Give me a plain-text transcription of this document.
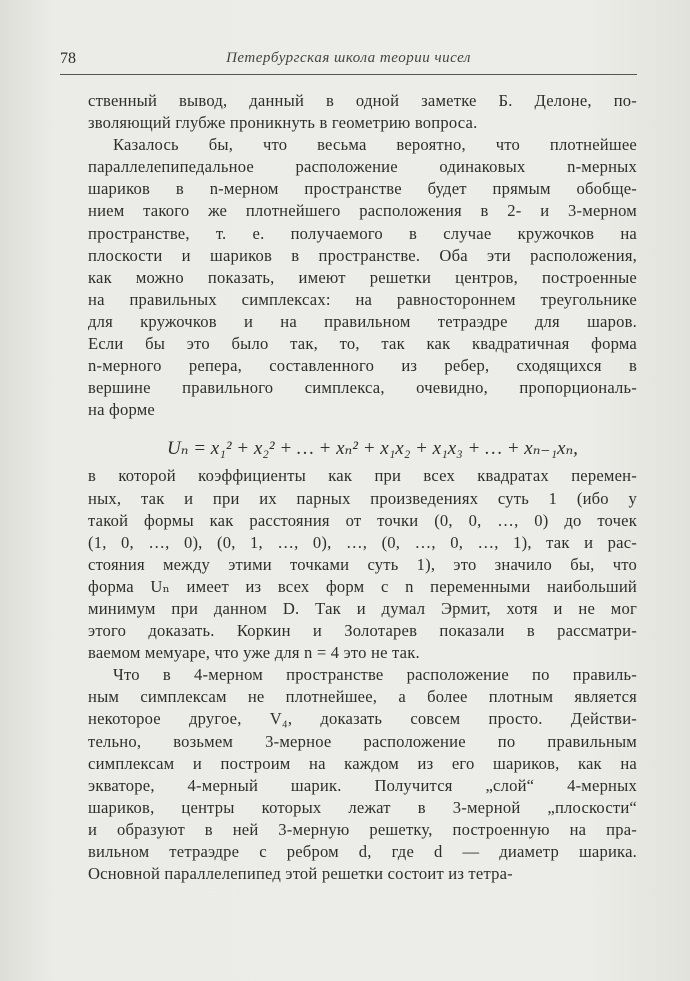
78	Петербургская школа теории чисел
ственный вывод, данный в одной заметке Б. Делоне, по-
зволяющий глубже проникнуть в геометрию вопроса.
Казалось бы, что весьма вероятно, что плотнейшее
параллелепипедальное расположение одинаковых n-мерных
шариков в n-мерном пространстве будет прямым обобще-
нием такого же плотнейшего расположения в 2- и 3-мерном
пространстве, т. е. получаемого в случае кружочков на
плоскости и шариков в пространстве. Оба эти расположения,
как можно показать, имеют решетки центров, построенные
на правильных симплексах: на равностороннем треугольнике
для кружочков и на правильном тетраэдре для шаров.
Если бы это было так, то, так как квадратичная форма
n-мерного репера, составленного из ребер, сходящихся в
вершине правильного симплекса, очевидно, пропорциональ-
на форме
Uₙ = x₁² + x₂² + … + xₙ² + x₁x₂ + x₁x₃ + … + xₙ₋₁xₙ,
в которой коэффициенты как при всех квадратах перемен-
ных, так и при их парных произведениях суть 1 (ибо у
такой формы как расстояния от точки (0, 0, …, 0) до точек
(1, 0, …, 0), (0, 1, …, 0), …, (0, …, 0, …, 1), так и рас-
стояния между этими точками суть 1), это значило бы, что
форма Uₙ имеет из всех форм с n переменными наибольший
минимум при данном D. Так и думал Эрмит, хотя и не мог
этого доказать. Коркин и Золотарев показали в рассматри-
ваемом мемуаре, что уже для n = 4 это не так.
Что в 4-мерном пространстве расположение по правиль-
ным симплексам не плотнейшее, а более плотным является
некоторое другое, V₄, доказать совсем просто. Действи-
тельно, возьмем 3-мерное расположение по правильным
симплексам и построим на каждом из его шариков, как на
экваторе, 4-мерный шарик. Получится „слой“ 4-мерных
шариков, центры которых лежат в 3-мерной „плоскости“
и образуют в ней 3-мерную решетку, построенную на пра-
вильном тетраэдре с ребром d, где d — диаметр шарика.
Основной параллелепипед этой решетки состоит из тетра-
